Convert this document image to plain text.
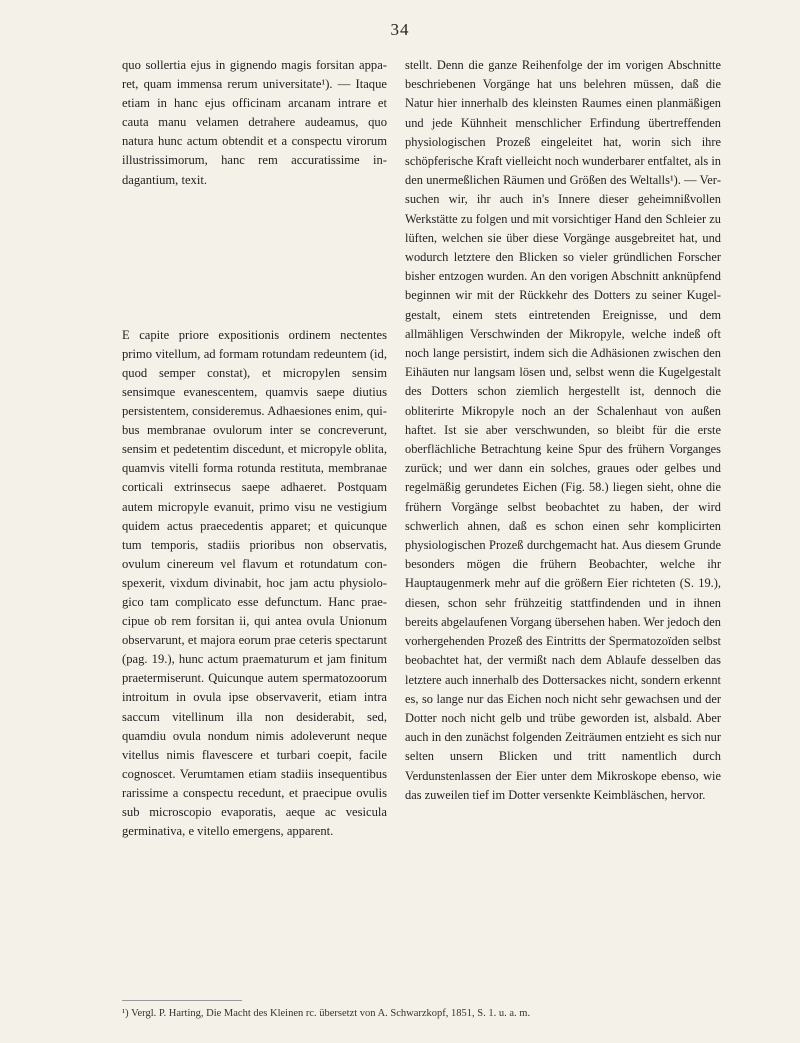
34

quo sollertia ejus in gignendo magis forsitan apparet, quam immensa rerum universitate¹). — Itaque etiam in hanc ejus officinam arcanam intrare et cauta manu velamen detrahere audeamus, quo natura hunc actum obtendit et a conspectu virorum illustrissimorum, hanc rem accuratissime indagantium, texit.

E capite priore expositionis ordinem nectentes primo vitellum, ad formam rotundam redeuntem (id, quod semper constat), et micropylen sensim sensimque evanescentem, quamvis saepe diutius persistentem, consideremus. Adhaesiones enim, quibus membranae ovulorum inter se concreverunt, sensim et pedetentim discedunt, et micropyle oblita, quamvis vitelli forma rotunda restituta, membranae corticali extrinsecus saepe adhaeret. Postquam autem micropyle evanuit, primo visu ne vestigium quidem actus praecedentis apparet; et quicunque tum temporis, stadiis prioribus non observatis, ovulum cinereum vel flavum et rotundatum conspexerit, vixdum divinabit, hoc jam actu physiologico tam complicato esse defunctum. Hanc praecipue ob rem forsitan ii, qui antea ovula Unionum observarunt, et majora eorum prae ceteris spectarunt (pag. 19.), hunc actum praematurum et jam finitum praetermiserunt. Quicunque autem spermatozoorum introitum in ovula ipse observaverit, etiam intra saccum vitellinum illa non desiderabit, sed, quamdiu ovula nondum nimis adoleverunt neque vitellus nimis flavescere et turbari coepit, facile cognoscet. Verumtamen etiam stadiis insequentibus rarissime a conspectu recedunt, et praecipue ovulis sub microscopio evaporatis, aeque ac vesicula germinativa, e vitello emergens, apparent.

stellt. Denn die ganze Reihenfolge der im vorigen Abschnitte beschriebenen Vorgänge hat uns belehren müssen, daß die Natur hier innerhalb des kleinsten Raumes einen planmäßigen und jede Kühnheit menschlicher Erfindung übertreffenden physiologischen Prozeß eingeleitet hat, worin sich ihre schöpferische Kraft vielleicht noch wunderbarer entfaltet, als in den unermeßlichen Räumen und Größen des Weltalls¹). — Versuchen wir, ihr auch in's Innere dieser geheimnißvollen Werkstätte zu folgen und mit vorsichtiger Hand den Schleier zu lüften, welchen sie über diese Vorgänge ausgebreitet hat, und wodurch letztere den Blicken so vieler gründlichen Forscher bisher entzogen wurden. An den vorigen Abschnitt anknüpfend beginnen wir mit der Rückkehr des Dotters zu seiner Kugelgestalt, einem stets eintretenden Ereignisse, und dem allmähligen Verschwinden der Mikropyle, welche indeß oft noch lange persistirt, indem sich die Adhäsionen zwischen den Eihäuten nur langsam lösen und, selbst wenn die Kugelgestalt des Dotters schon ziemlich hergestellt ist, dennoch die obliterirte Mikropyle noch an der Schalenhaut von außen haftet. Ist sie aber verschwunden, so bleibt für die erste oberflächliche Betrachtung keine Spur des frühern Vorganges zurück; und wer dann ein solches, graues oder gelbes und regelmäßig gerundetes Eichen (Fig. 58.) liegen sieht, ohne die frühern Vorgänge selbst beobachtet zu haben, der wird schwerlich ahnen, daß es schon einen sehr komplicirten physiologischen Prozeß durchgemacht hat. Aus diesem Grunde besonders mögen die frühern Beobachter, welche ihr Hauptaugenmerk mehr auf die größern Eier richteten (S. 19.), diesen, schon sehr frühzeitig stattfindenden und in ihnen bereits abgelaufenen Vorgang übersehen haben. Wer jedoch den vorhergehenden Prozeß des Eintritts der Spermatozoïden selbst beobachtet hat, der vermißt nach dem Ablaufe desselben das letztere auch innerhalb des Dottersackes nicht, sondern erkennt es, so lange nur das Eichen noch nicht sehr gewachsen und der Dotter noch nicht gelb und trübe geworden ist, alsbald. Aber auch in den zunächst folgenden Zeiträumen entzieht es sich nur selten unsern Blicken und tritt namentlich durch Verdunstenlassen der Eier unter dem Mikroskope ebenso, wie das zuweilen tief im Dotter versenkte Keimbläschen, hervor.

¹) Vergl. P. Harting, Die Macht des Kleinen rc. übersetzt von A. Schwarzkopf, 1851, S. 1. u. a. m.
